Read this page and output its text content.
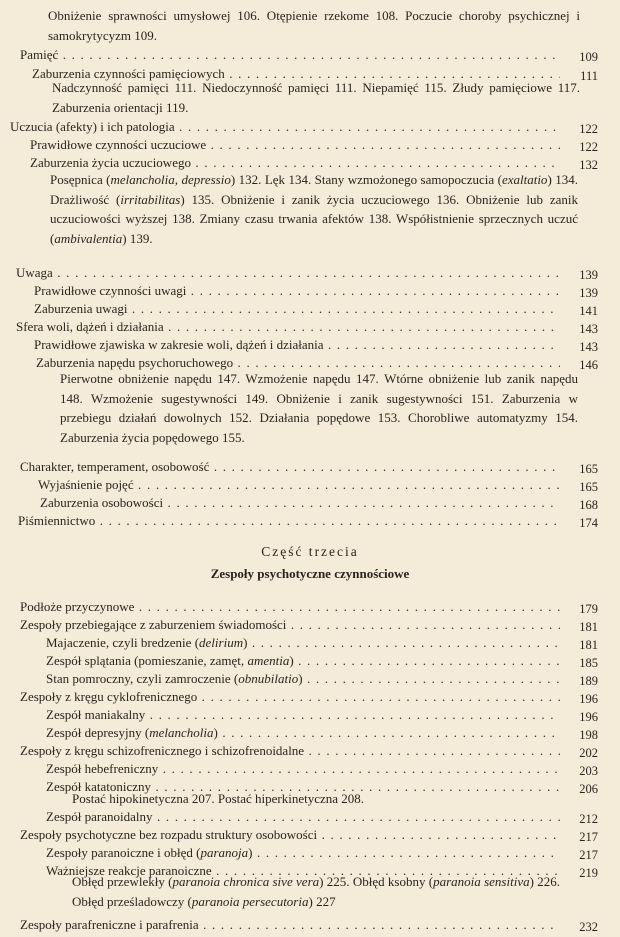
Obniżenie sprawności umysłowej 106. Otępienie rzekome 108. Poczucie choroby psychicznej i samokrytycyzm 109.
Pamięć . . .	109
Zaburzenia czynności pamięciowych . . .	111
Nadczynność pamięci 111. Niedoczynność pamięci 111. Niepamięć 115. Złudy pamięciowe 117. Zaburzenia orientacji 119.
Uczucia (afekty) i ich patologia . . .	122
Prawidłowe czynności uczuciowe . . .	122
Zaburzenia życia uczuciowego . . .	132
Posępnica (melancholia, depressio) 132. Lęk 134. Stany wzmożonego samopoczucia (exaltatio) 134. Drażliwość (irritabilitas) 135. Obniżenie i zanik życia uczuciowego 136. Obniżenie lub zanik uczuciowości wyższej 138. Zmiany czasu trwania afektów 138. Współistnienie sprzecznych uczuć (ambivalentia) 139.
Uwaga . . .	139
Prawidłowe czynności uwagi . . .	139
Zaburzenia uwagi . . .	141
Sfera woli, dążeń i działania . . .	143
Prawidłowe zjawiska w zakresie woli, dążeń i działania . . .	143
Zaburzenia napędu psychoruchowego . . .	146
Pierwotne obniżenie napędu 147. Wzmożenie napędu 147. Wtórne obniżenie lub zanik napędu 148. Wzmożenie sugestywności 149. Obniżenie i zanik sugestywności 151. Zaburzenia w przebiegu działań dowolnych 152. Działania popędowe 153. Chorobliwe automatyzmy 154. Zaburzenia życia popędowego 155.
Charakter, temperament, osobowość . . .	165
Wyjaśnienie pojęć . . .	165
Zaburzenia osobowości . . .	168
Piśmiennictwo . . .	174
Część trzecia
Zespoły psychotyczne czynnościowe
Podłoże przyczynowe . . .	179
Zespoły przebiegające z zaburzeniem świadomości . . .	181
Majaczenie, czyli bredzenie (delirium) . . .	181
Zespół splątania (pomieszanie, zamęt, amentia) . . .	185
Stan pomroczny, czyli zamroczenie (obnubilatio) . . .	189
Zespoły z kręgu cyklofrenicznego . . .	196
Zespół maniakalny . . .	196
Zespół depresyjny (melancholia) . . .	198
Zespoły z kręgu schizofrenicznego i schizofrenoidalne . . .	202
Zespół hebefreniczny . . .	203
Zespół katatoniczny . . .	206
Postać hipokinetyczna 207. Postać hiperkinetyczna 208.
Zespół paranoidalny . . .	212
Zespoły psychotyczne bez rozpadu struktury osobowości . . .	217
Zespoły paranoiczne i obłęd (paranoja) . . .	217
Ważniejsze reakcje paranoiczne . . .	219
Obłęd przewlekły (paranoia chronica sive vera) 225. Obłęd ksobny (paranoia sensitiva) 226. Obłęd prześladowczy (paranoia persecutoria) 227
Zespoły parafreniczne i parafrenia . . .	232
